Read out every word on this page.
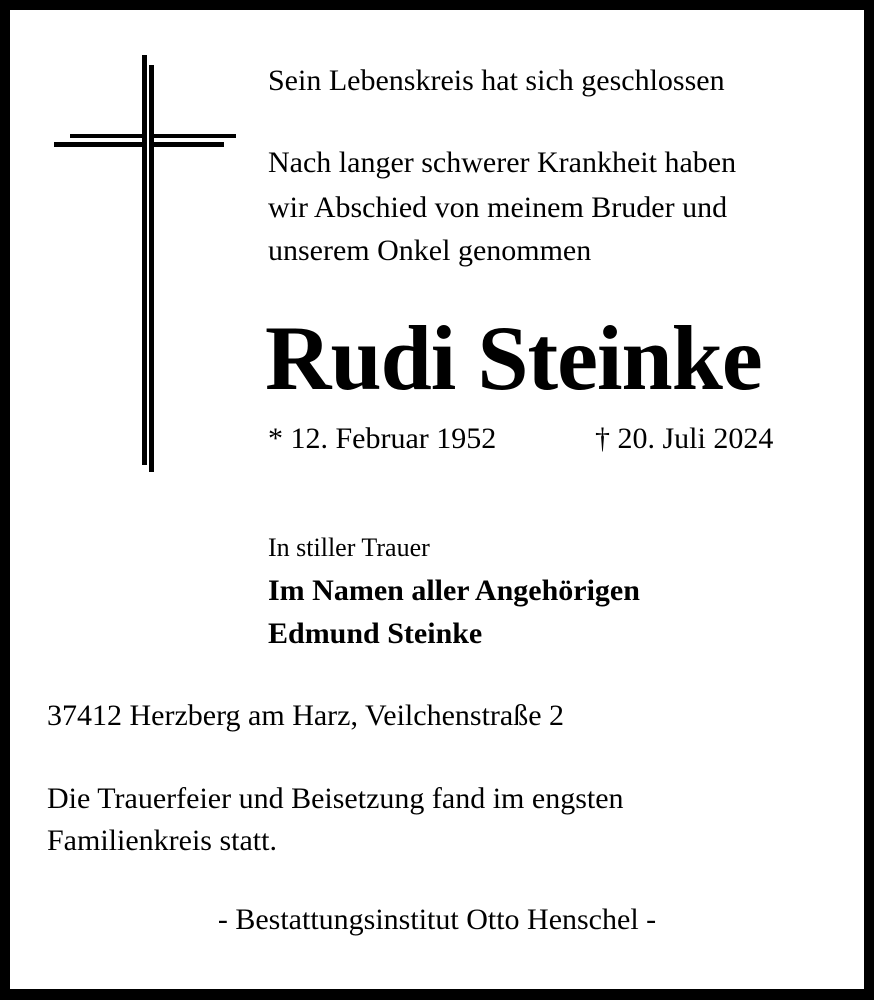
Sein Lebenskreis hat sich geschlossen
Nach langer schwerer Krankheit haben
wir Abschied von meinem Bruder und
unserem Onkel genommen
Rudi Steinke
* 12. Februar 1952	† 20. Juli 2024
In stiller Trauer
Im Namen aller Angehörigen
Edmund Steinke
37412 Herzberg am Harz, Veilchenstraße 2
Die Trauerfeier und Beisetzung fand im engsten
Familienkreis statt.
- Bestattungsinstitut Otto Henschel -
